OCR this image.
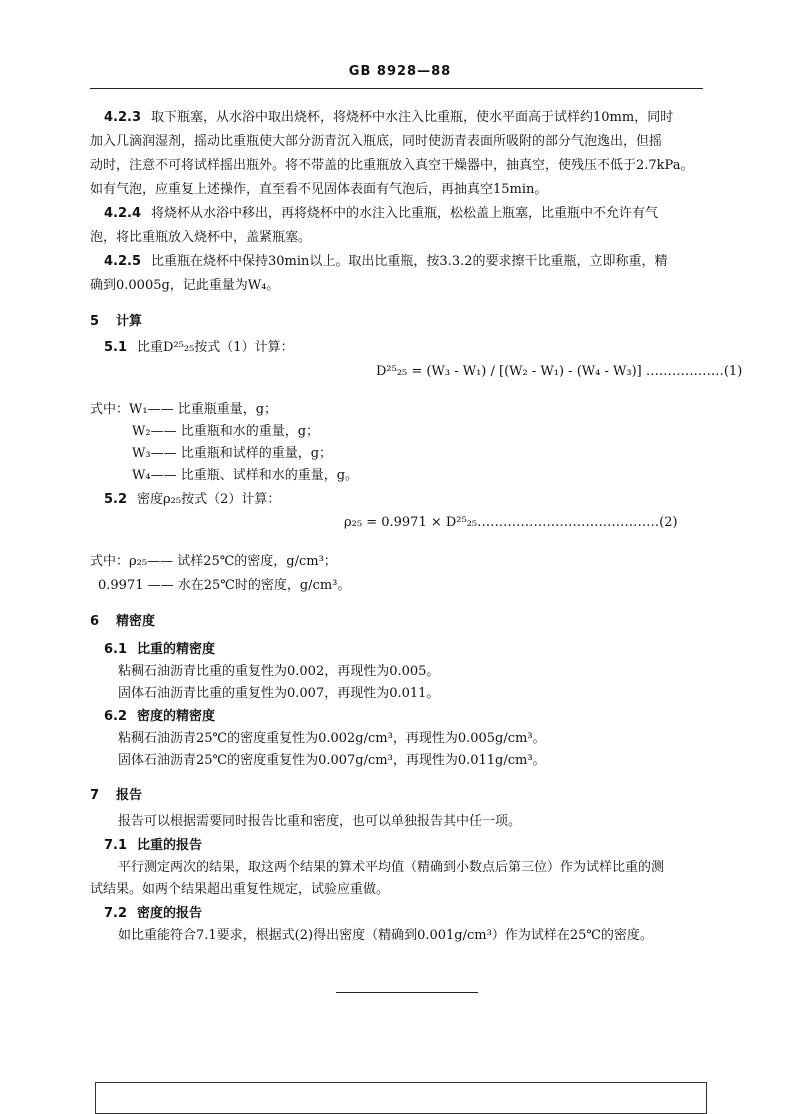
GB 8928—88
4.2.3 取下瓶塞，从水浴中取出烧杯，将烧杯中水注入比重瓶，使水平面高于试样约10mm，同时
加入几滴润湿剂，摇动比重瓶使大部分沥青沉入瓶底，同时使沥青表面所吸附的部分气泡逸出，但摇
动时，注意不可将试样摇出瓶外。将不带盖的比重瓶放入真空干燥器中，抽真空，使残压不低于2.7kPa。
如有气泡，应重复上述操作，直至看不见固体表面有气泡后，再抽真空15min。
4.2.4 将烧杯从水浴中移出，再将烧杯中的水注入比重瓶，松松盖上瓶塞，比重瓶中不允许有气
泡，将比重瓶放入烧杯中，盖紧瓶塞。
4.2.5 比重瓶在烧杯中保持30min以上。取出比重瓶，按3.3.2的要求擦干比重瓶，立即称重，精
确到0.0005g，记此重量为W₄。
5 计算
5.1 比重D²⁵₂₅按式（1）计算：
D²⁵₂₅ = (W₃ - W₁) / [(W₂ - W₁) - (W₄ - W₃)] ………………(1)
式中：W₁—— 比重瓶重量，g；
W₂—— 比重瓶和水的重量，g；
W₃—— 比重瓶和试样的重量，g；
W₄—— 比重瓶、试样和水的重量，g。
5.2 密度ρ₂₅按式（2）计算：
ρ₂₅ = 0.9971 × D²⁵₂₅……………………………………(2)
式中：ρ₂₅—— 试样25℃的密度，g/cm³；
0.9971 —— 水在25℃时的密度，g/cm³。
6 精密度
6.1 比重的精密度
粘稠石油沥青比重的重复性为0.002，再现性为0.005。
固体石油沥青比重的重复性为0.007，再现性为0.011。
6.2 密度的精密度
粘稠石油沥青25℃的密度重复性为0.002g/cm³，再现性为0.005g/cm³。
固体石油沥青25℃的密度重复性为0.007g/cm³，再现性为0.011g/cm³。
7 报告
报告可以根据需要同时报告比重和密度，也可以单独报告其中任一项。
7.1 比重的报告
平行测定两次的结果，取这两个结果的算术平均值（精确到小数点后第三位）作为试样比重的测
试结果。如两个结果超出重复性规定，试验应重做。
7.2 密度的报告
如比重能符合7.1要求，根据式(2)得出密度（精确到0.001g/cm³）作为试样在25℃的密度。
